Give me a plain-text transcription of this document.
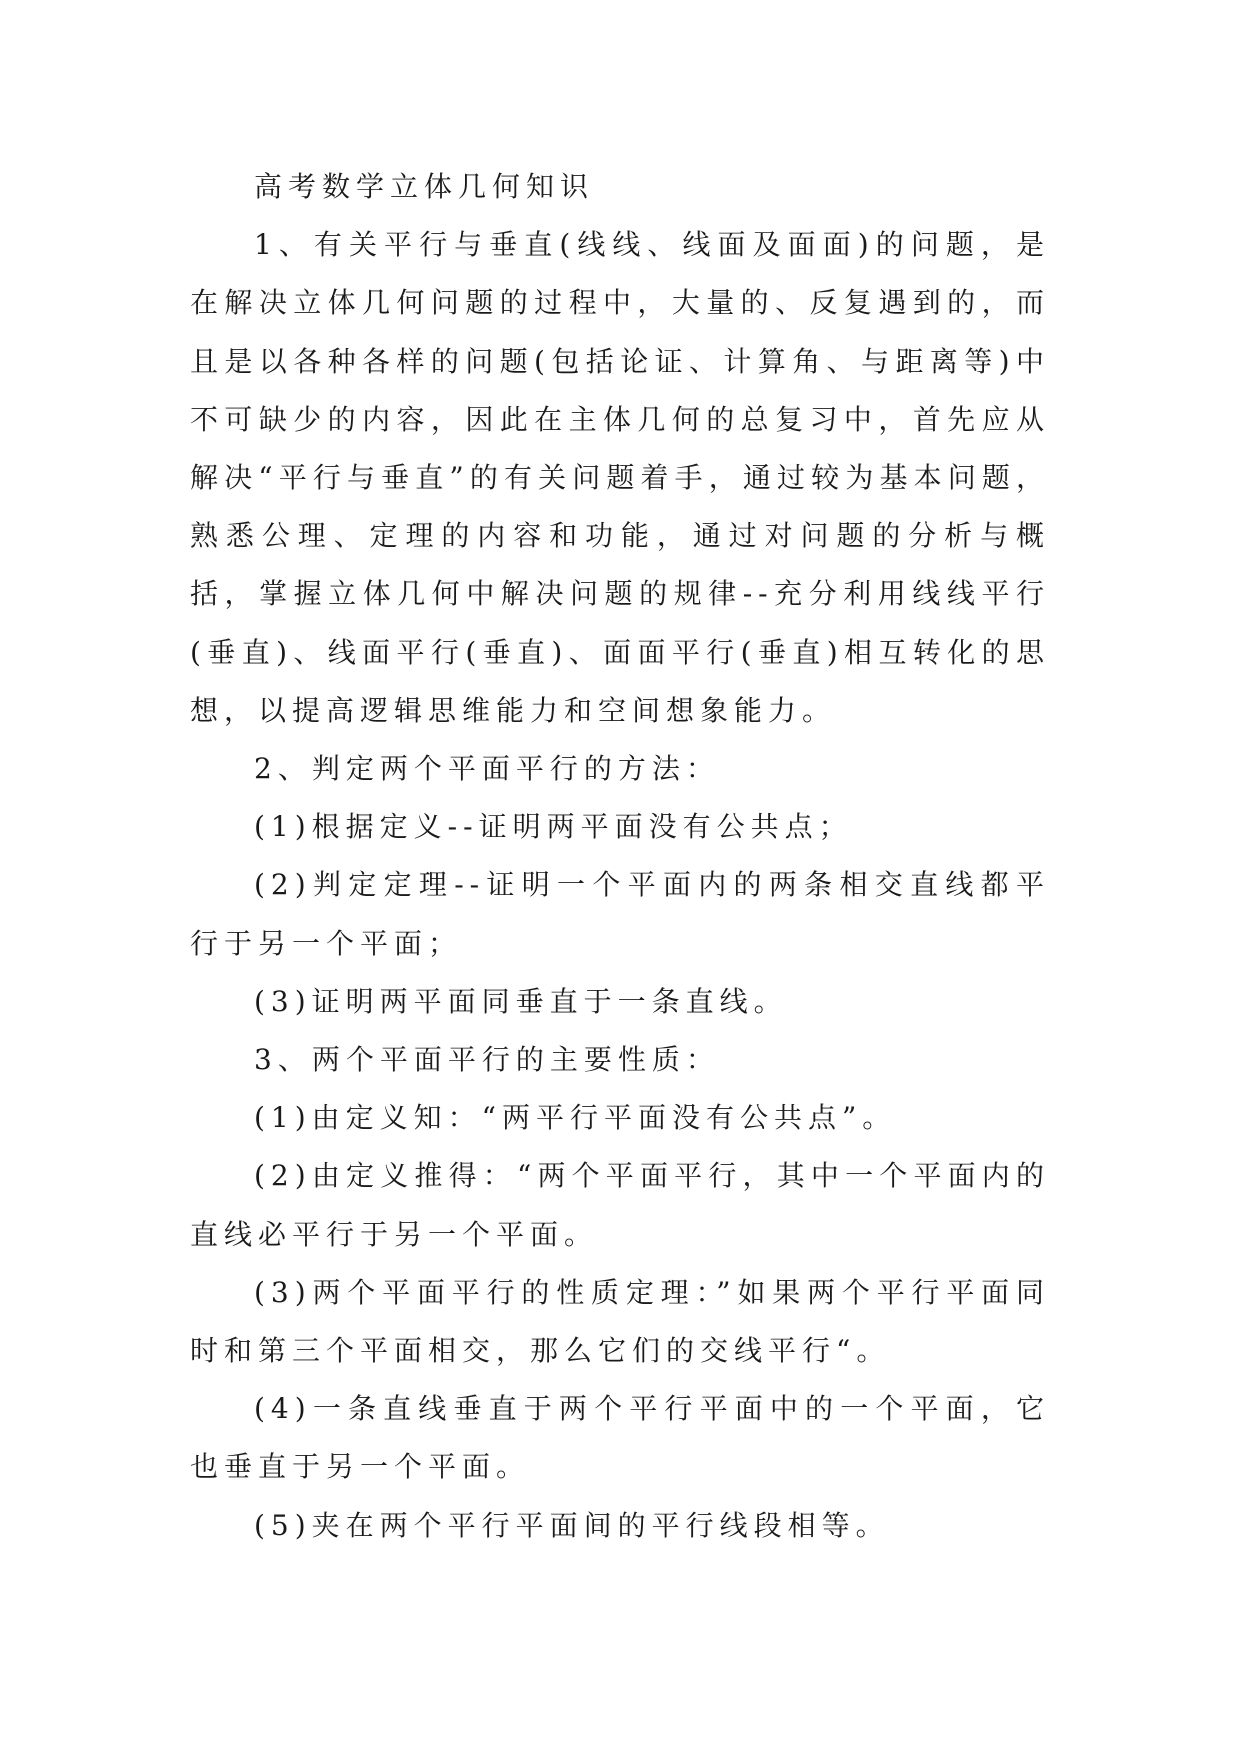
高考数学立体几何知识

1、有关平行与垂直(线线、线面及面面)的问题，是在解决立体几何问题的过程中，大量的、反复遇到的，而且是以各种各样的问题(包括论证、计算角、与距离等)中不可缺少的内容，因此在主体几何的总复习中，首先应从解决“平行与垂直”的有关问题着手，通过较为基本问题，熟悉公理、定理的内容和功能，通过对问题的分析与概括，掌握立体几何中解决问题的规律--充分利用线线平行(垂直)、线面平行(垂直)、面面平行(垂直)相互转化的思想，以提高逻辑思维能力和空间想象能力。

2、判定两个平面平行的方法：

(1)根据定义--证明两平面没有公共点；

(2)判定定理--证明一个平面内的两条相交直线都平行于另一个平面；

(3)证明两平面同垂直于一条直线。

3、两个平面平行的主要性质：

(1)由定义知：“两平行平面没有公共点”。

(2)由定义推得：“两个平面平行，其中一个平面内的直线必平行于另一个平面。

(3)两个平面平行的性质定理：”如果两个平行平面同时和第三个平面相交，那么它们的交线平行“。

(4)一条直线垂直于两个平行平面中的一个平面，它也垂直于另一个平面。

(5)夹在两个平行平面间的平行线段相等。
